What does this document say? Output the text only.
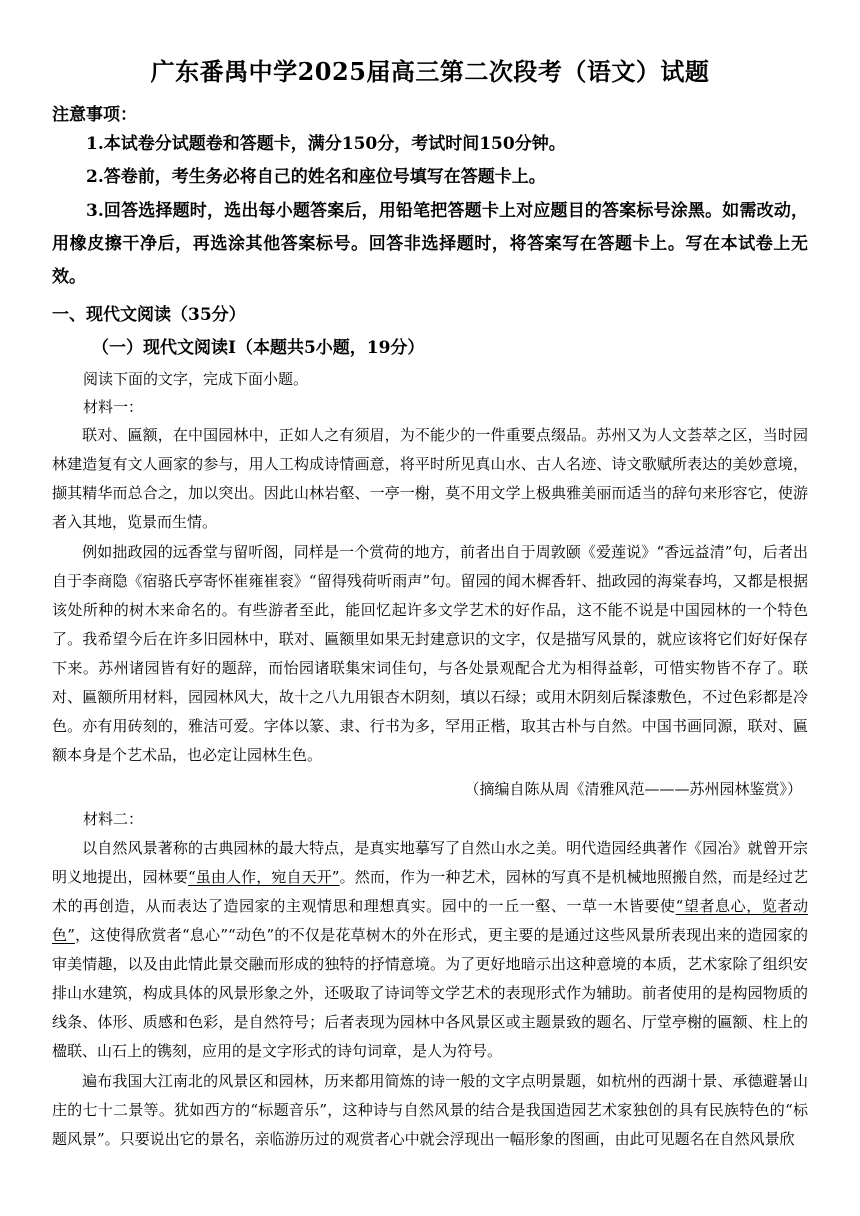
广东番禺中学2025届高三第二次段考（语文）试题
注意事项：
1.本试卷分试题卷和答题卡，满分150分，考试时间150分钟。
2.答卷前，考生务必将自己的姓名和座位号填写在答题卡上。
3.回答选择题时，选出每小题答案后，用铅笔把答题卡上对应题目的答案标号涂黑。如需改动，用橡皮擦干净后，再选涂其他答案标号。回答非选择题时，将答案写在答题卡上。写在本试卷上无效。
一、现代文阅读（35分）
（一）现代文阅读Ⅰ（本题共5小题，19分）
阅读下面的文字，完成下面小题。
材料一：
联对、匾额，在中国园林中，正如人之有须眉，为不能少的一件重要点缀品。苏州又为人文荟萃之区，当时园林建造复有文人画家的参与，用人工构成诗情画意，将平时所见真山水、古人名迹、诗文歌赋所表达的美妙意境，撷其精华而总合之，加以突出。因此山林岩壑、一亭一榭，莫不用文学上极典雅美丽而适当的辞句来形容它，使游者入其地，览景而生情。
例如拙政园的远香堂与留听阁，同样是一个赏荷的地方，前者出自于周敦颐《爱莲说》“香远益清”句，后者出自于李商隐《宿骆氏亭寄怀崔雍崔衮》“留得残荷听雨声”句。留园的闻木樨香轩、拙政园的海棠春坞，又都是根据该处所种的树木来命名的。有些游者至此，能回忆起许多文学艺术的好作品，这不能不说是中国园林的一个特色了。我希望今后在许多旧园林中，联对、匾额里如果无封建意识的文字，仅是描写风景的，就应该将它们好好保存下来。苏州诸园皆有好的题辞，而怡园诸联集宋词佳句，与各处景观配合尤为相得益彰，可惜实物皆不存了。联对、匾额所用材料，园园林风大，故十之八九用银杏木阴刻，填以石绿；或用木阴刻后髹漆敷色，不过色彩都是冷色。亦有用砖刻的，雅洁可爱。字体以篆、隶、行书为多，罕用正楷，取其古朴与自然。中国书画同源，联对、匾额本身是个艺术品，也必定让园林生色。
（摘编自陈从周《清雅风范———苏州园林鉴赏》）
材料二：
以自然风景著称的古典园林的最大特点，是真实地摹写了自然山水之美。明代造园经典著作《园冶》就曾开宗明义地提出，园林要“虽由人作，宛自天开”。然而，作为一种艺术，园林的写真不是机械地照搬自然，而是经过艺术的再创造，从而表达了造园家的主观情思和理想真实。园中的一丘一壑、一草一木皆要使“望者息心，览者动色”，这使得欣赏者“息心”“动色”的不仅是花草树木的外在形式，更主要的是通过这些风景所表现出来的造园家的审美情趣，以及由此情此景交融而形成的独特的抒情意境。为了更好地暗示出这种意境的本质，艺术家除了组织安排山水建筑，构成具体的风景形象之外，还吸取了诗词等文学艺术的表现形式作为辅助。前者使用的是构园物质的线条、体形、质感和色彩，是自然符号；后者表现为园林中各风景区或主题景致的题名、厅堂亭榭的匾额、柱上的楹联、山石上的镌刻，应用的是文字形式的诗句词章，是人为符号。
遍布我国大江南北的风景区和园林，历来都用简炼的诗一般的文字点明景题，如杭州的西湖十景、承德避暑山庄的七十二景等。犹如西方的“标题音乐”，这种诗与自然风景的结合是我国造园艺术家独创的具有民族特色的“标题风景”。只要说出它的景名，亲临游历过的观赏者心中就会浮现出一幅形象的图画，由此可见题名在自然风景欣
